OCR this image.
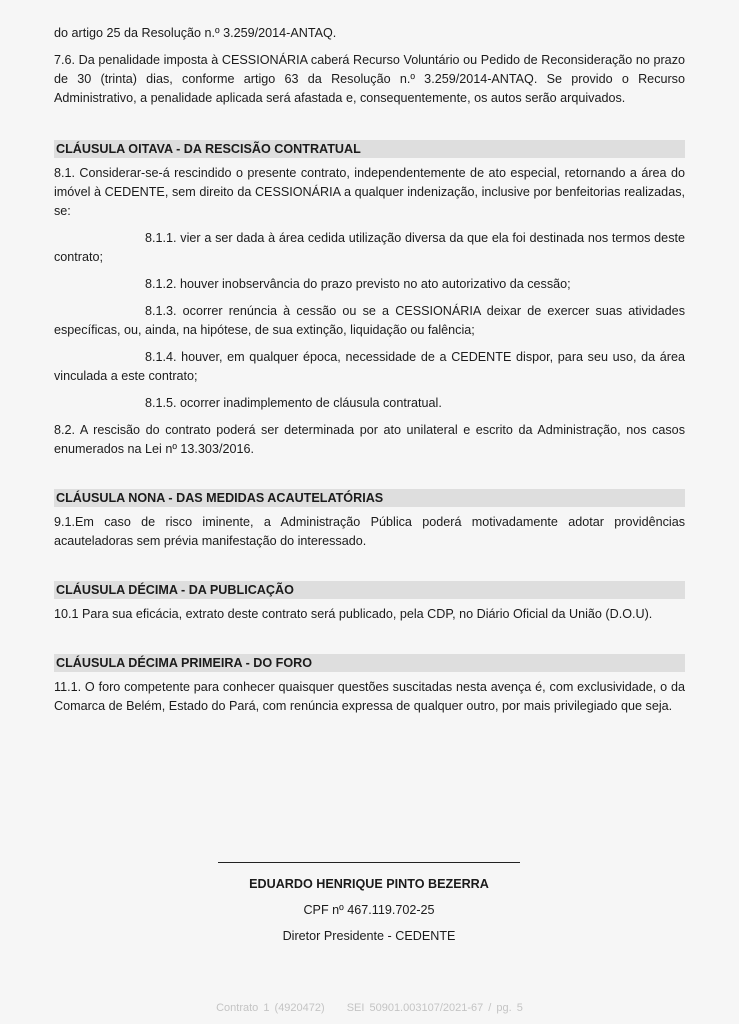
do artigo 25 da Resolução n.º 3.259/2014-ANTAQ.

7.6. Da penalidade imposta à CESSIONÁRIA caberá Recurso Voluntário ou Pedido de Reconsideração no prazo de 30 (trinta) dias, conforme artigo 63 da Resolução n.º 3.259/2014-ANTAQ. Se provido o Recurso Administrativo, a penalidade aplicada será afastada e, consequentemente, os autos serão arquivados.

CLÁUSULA OITAVA - DA RESCISÃO CONTRATUAL

8.1. Considerar-se-á rescindido o presente contrato, independentemente de ato especial, retornando a área do imóvel à CEDENTE, sem direito da CESSIONÁRIA a qualquer indenização, inclusive por benfeitorias realizadas, se:

8.1.1. vier a ser dada à área cedida utilização diversa da que ela foi destinada nos termos deste contrato;

8.1.2. houver inobservância do prazo previsto no ato autorizativo da cessão;

8.1.3. ocorrer renúncia à cessão ou se a CESSIONÁRIA deixar de exercer suas atividades específicas, ou, ainda, na hipótese, de sua extinção, liquidação ou falência;

8.1.4. houver, em qualquer época, necessidade de a CEDENTE dispor, para seu uso, da área vinculada a este contrato;

8.1.5. ocorrer inadimplemento de cláusula contratual.

8.2. A rescisão do contrato poderá ser determinada por ato unilateral e escrito da Administração, nos casos enumerados na Lei nº 13.303/2016.

CLÁUSULA NONA - DAS MEDIDAS ACAUTELATÓRIAS

9.1.Em caso de risco iminente, a Administração Pública poderá motivadamente adotar providências acauteladoras sem prévia manifestação do interessado.

CLÁUSULA DÉCIMA - DA PUBLICAÇÃO

10.1 Para sua eficácia, extrato deste contrato será publicado, pela CDP, no Diário Oficial da União (D.O.U).

CLÁUSULA DÉCIMA PRIMEIRA - DO FORO

11.1. O foro competente para conhecer quaisquer questões suscitadas nesta avença é, com exclusividade, o da Comarca de Belém, Estado do Pará, com renúncia expressa de qualquer outro, por mais privilegiado que seja.

EDUARDO HENRIQUE PINTO BEZERRA
CPF nº 467.119.702-25
Diretor Presidente - CEDENTE
Contrato 1 (4920472) SEI 50901.003107/2021-67 / pg. 5
